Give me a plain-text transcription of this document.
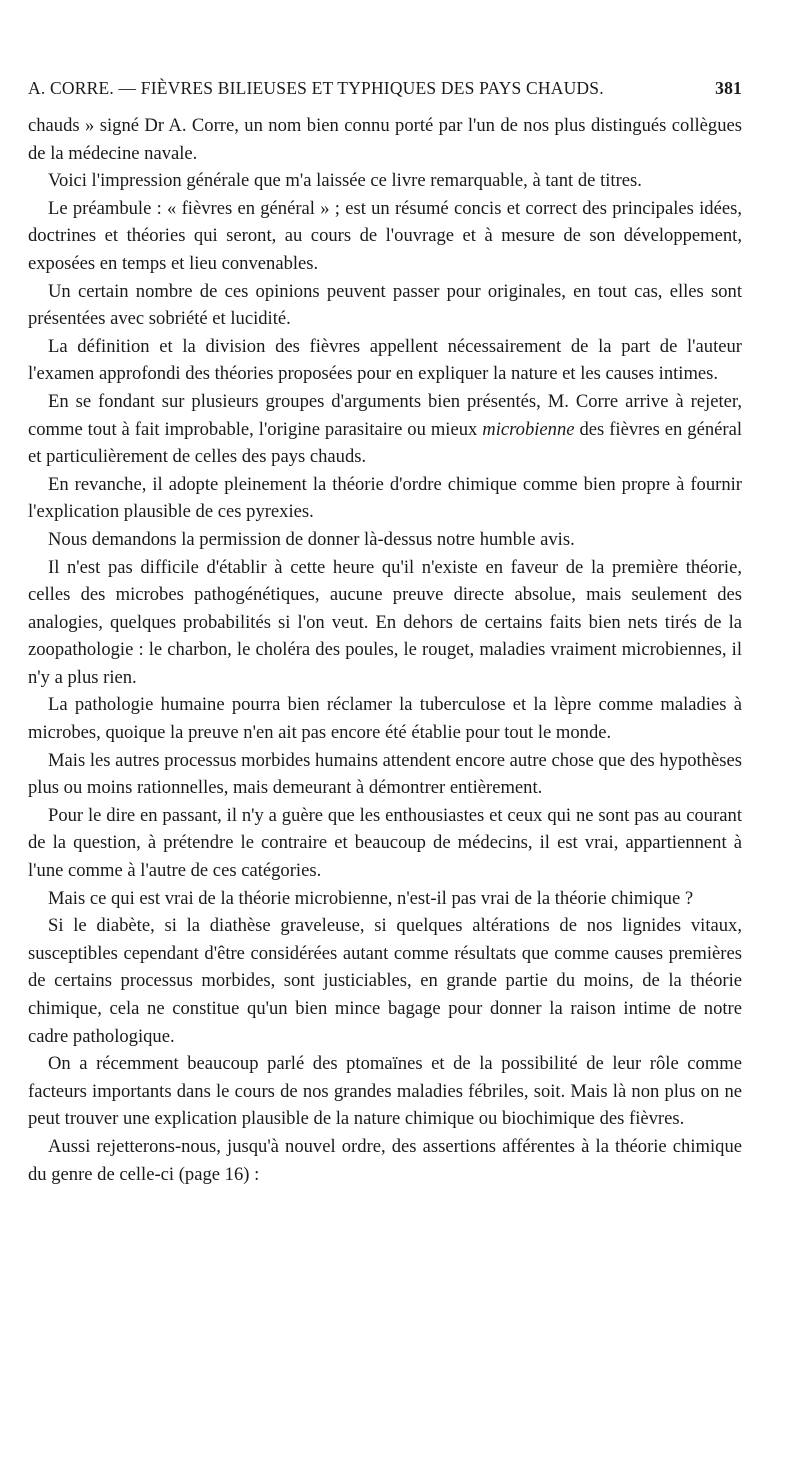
A. CORRE. — FIÈVRES BILIEUSES ET TYPHIQUES DES PAYS CHAUDS.	381

chauds » signé Dr A. Corre, un nom bien connu porté par l'un de nos plus distingués collègues de la médecine navale.

Voici l'impression générale que m'a laissée ce livre remarquable, à tant de titres.

Le préambule : « fièvres en général » ; est un résumé concis et correct des principales idées, doctrines et théories qui seront, au cours de l'ouvrage et à mesure de son développement, exposées en temps et lieu convenables.

Un certain nombre de ces opinions peuvent passer pour originales, en tout cas, elles sont présentées avec sobriété et lucidité.

La définition et la division des fièvres appellent nécessairement de la part de l'auteur l'examen approfondi des théories proposées pour en expliquer la nature et les causes intimes.

En se fondant sur plusieurs groupes d'arguments bien présentés, M. Corre arrive à rejeter, comme tout à fait improbable, l'origine parasitaire ou mieux microbienne des fièvres en général et particulièrement de celles des pays chauds.

En revanche, il adopte pleinement la théorie d'ordre chimique comme bien propre à fournir l'explication plausible de ces pyrexies.

Nous demandons la permission de donner là-dessus notre humble avis.

Il n'est pas difficile d'établir à cette heure qu'il n'existe en faveur de la première théorie, celles des microbes pathogénétiques, aucune preuve directe absolue, mais seulement des analogies, quelques probabilités si l'on veut. En dehors de certains faits bien nets tirés de la zoopathologie : le charbon, le choléra des poules, le rouget, maladies vraiment microbiennes, il n'y a plus rien.

La pathologie humaine pourra bien réclamer la tuberculose et la lèpre comme maladies à microbes, quoique la preuve n'en ait pas encore été établie pour tout le monde.

Mais les autres processus morbides humains attendent encore autre chose que des hypothèses plus ou moins rationnelles, mais demeurant à démontrer entièrement.

Pour le dire en passant, il n'y a guère que les enthousiastes et ceux qui ne sont pas au courant de la question, à prétendre le contraire et beaucoup de médecins, il est vrai, appartiennent à l'une comme à l'autre de ces catégories.

Mais ce qui est vrai de la théorie microbienne, n'est-il pas vrai de la théorie chimique ?

Si le diabète, si la diathèse graveleuse, si quelques altérations de nos lignides vitaux, susceptibles cependant d'être considérées autant comme résultats que comme causes premières de certains processus morbides, sont justiciables, en grande partie du moins, de la théorie chimique, cela ne constitue qu'un bien mince bagage pour donner la raison intime de notre cadre pathologique.

On a récemment beaucoup parlé des ptomaïnes et de la possibilité de leur rôle comme facteurs importants dans le cours de nos grandes maladies fébriles, soit. Mais là non plus on ne peut trouver une explication plausible de la nature chimique ou biochimique des fièvres.

Aussi rejetterons-nous, jusqu'à nouvel ordre, des assertions afférentes à la théorie chimique du genre de celle-ci (page 16) :
